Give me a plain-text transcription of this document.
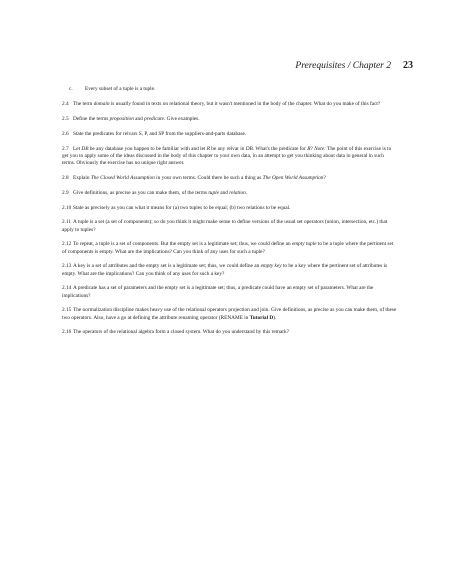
Prerequisites / Chapter 2 23
c. Every subset of a tuple is a tuple.
2.4 The term domain is usually found in texts on relational theory, but it wasn't mentioned in the body of the chapter. What do you make of this fact?
2.5 Define the terms proposition and predicate. Give examples.
2.6 State the predicates for relvars S, P, and SP from the suppliers-and-parts database.
2.7 Let DB be any database you happen to be familiar with and let R be any relvar in DB. What's the predicate for R? Note: The point of this exercise is to get you to apply some of the ideas discussed in the body of this chapter to your own data, in an attempt to get you thinking about data in general in such terms. Obviously the exercise has no unique right answer.
2.8 Explain The Closed World Assumption in your own terms. Could there be such a thing as The Open World Assumption?
2.9 Give definitions, as precise as you can make them, of the terms tuple and relation.
2.10 State as precisely as you can what it means for (a) two tuples to be equal; (b) two relations to be equal.
2.11 A tuple is a set (a set of components); so do you think it might make sense to define versions of the usual set operators (union, intersection, etc.) that apply to tuples?
2.12 To repeat, a tuple is a set of components. But the empty set is a legitimate set; thus, we could define an empty tuple to be a tuple where the pertinent set of components is empty. What are the implications? Can you think of any uses for such a tuple?
2.13 A key is a set of attributes and the empty set is a legitimate set; thus, we could define an empty key to be a key where the pertinent set of attributes is empty. What are the implications? Can you think of any uses for such a key?
2.14 A predicate has a set of parameters and the empty set is a legitimate set; thus, a predicate could have an empty set of parameters. What are the implications?
2.15 The normalization discipline makes heavy use of the relational operators projection and join. Give definitions, as precise as you can make them, of these two operators. Also, have a go at defining the attribute renaming operator (RENAME in Tutorial D).
2.16 The operators of the relational algebra form a closed system. What do you understand by this remark?
